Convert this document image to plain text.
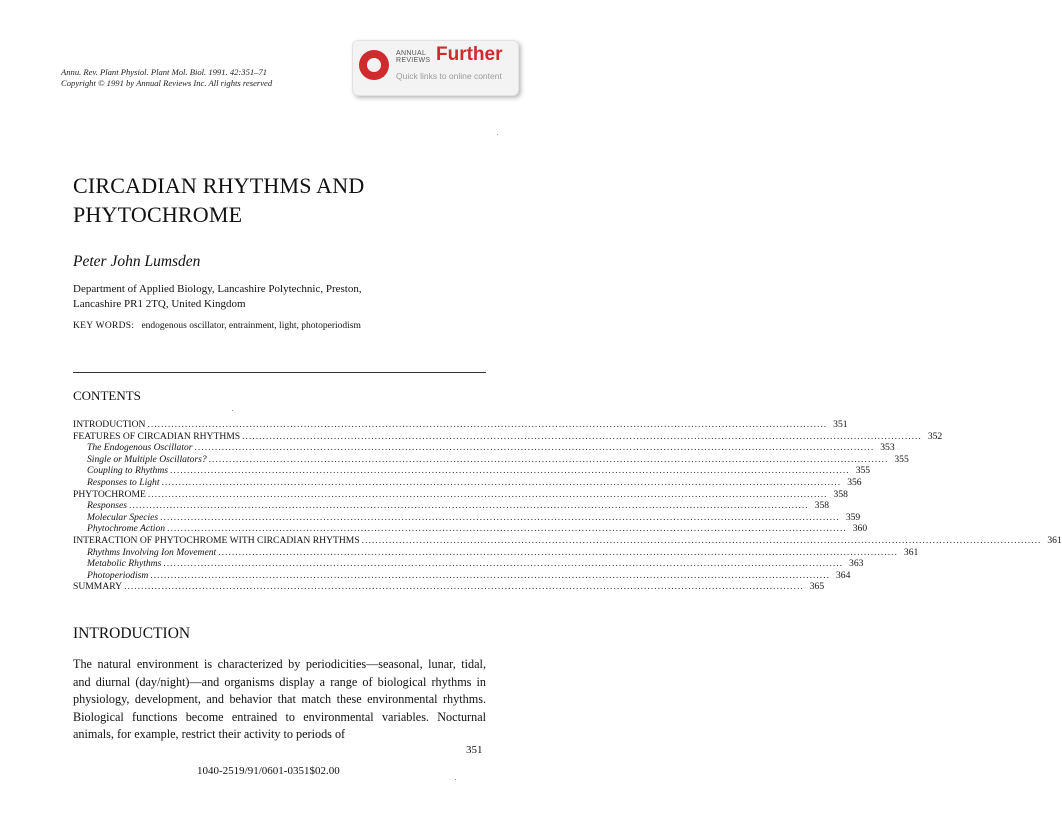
Annu. Rev. Plant Physiol. Plant Mol. Biol. 1991. 42:351–71
Copyright © 1991 by Annual Reviews Inc. All rights reserved
ANNUAL
REVIEWS Further
Quick links to online content
CIRCADIAN RHYTHMS AND
PHYTOCHROME
Peter John Lumsden
Department of Applied Biology, Lancashire Polytechnic, Preston,
Lancashire PR1 2TQ, United Kingdom
KEY WORDS: endogenous oscillator, entrainment, light, photoperiodism
CONTENTS
INTRODUCTION ........................................................................................................................................................................................................ 351
FEATURES OF CIRCADIAN RHYTHMS ........................................................................................................................................................................................................ 352
The Endogenous Oscillator ........................................................................................................................................................................................................ 353
Single or Multiple Oscillators? ........................................................................................................................................................................................................ 355
Coupling to Rhythms ........................................................................................................................................................................................................ 355
Responses to Light ........................................................................................................................................................................................................ 356
PHYTOCHROME ........................................................................................................................................................................................................ 358
Responses ........................................................................................................................................................................................................ 358
Molecular Species ........................................................................................................................................................................................................ 359
Phytochrome Action ........................................................................................................................................................................................................ 360
INTERACTION OF PHYTOCHROME WITH CIRCADIAN RHYTHMS ........................................................................................................................................................................................................ 361
Rhythms Involving Ion Movement ........................................................................................................................................................................................................ 361
Metabolic Rhythms ........................................................................................................................................................................................................ 363
Photoperiodism ........................................................................................................................................................................................................ 364
SUMMARY ........................................................................................................................................................................................................ 365
INTRODUCTION

The natural environment is characterized by periodicities—seasonal, lunar, tidal, and diurnal (day/night)—and organisms display a range of biological rhythms in physiology, development, and behavior that match these environmental rhythms. Biological functions become entrained to environmental variables. Nocturnal animals, for example, restrict their activity to periods of

351
1040-2519/91/0601-0351$02.00
